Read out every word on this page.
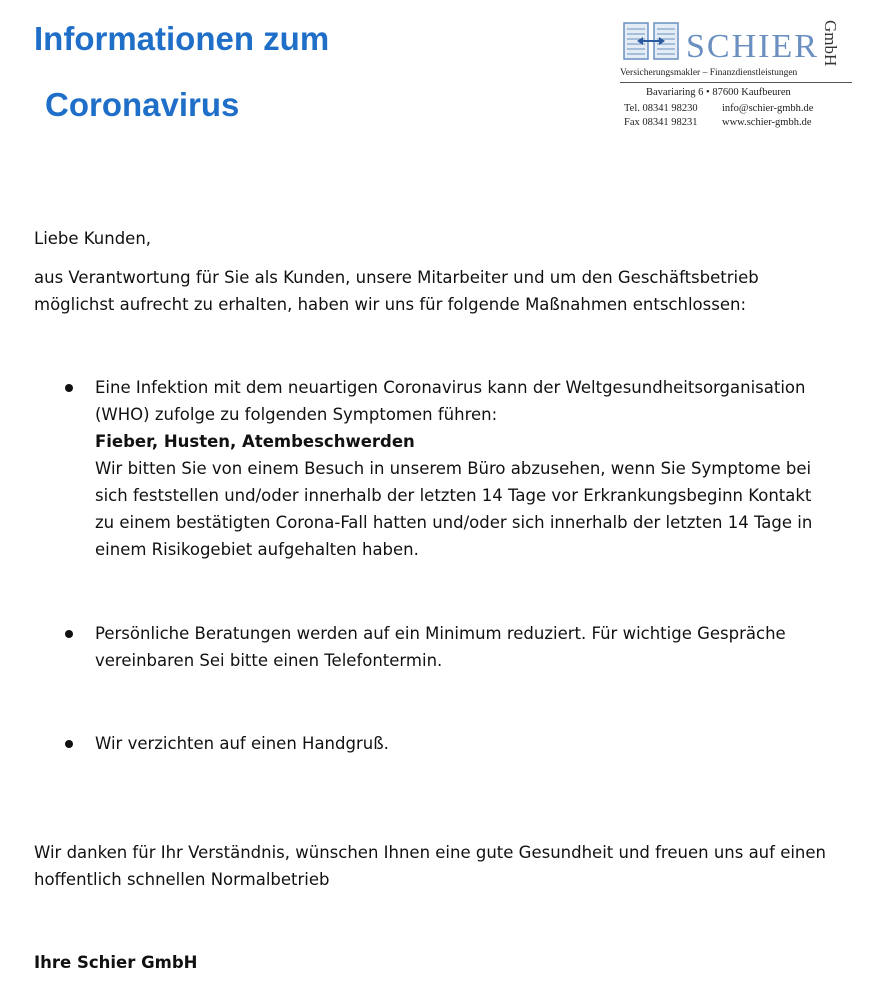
Informationen zum
Coronavirus
SCHIER GmbH
Versicherungsmakler – Finanzdienstleistungen
Bavariaring 6 • 87600 Kaufbeuren
Tel. 08341 98230 info@schier-gmbh.de
Fax 08341 98231 www.schier-gmbh.de

Liebe Kunden,

aus Verantwortung für Sie als Kunden, unsere Mitarbeiter und um den Geschäftsbetrieb möglichst aufrecht zu erhalten, haben wir uns für folgende Maßnahmen entschlossen:

Eine Infektion mit dem neuartigen Coronavirus kann der Weltgesundheitsorganisation (WHO) zufolge zu folgenden Symptomen führen:
Fieber, Husten, Atembeschwerden
Wir bitten Sie von einem Besuch in unserem Büro abzusehen, wenn Sie Symptome bei sich feststellen und/oder innerhalb der letzten 14 Tage vor Erkrankungsbeginn Kontakt zu einem bestätigten Corona-Fall hatten und/oder sich innerhalb der letzten 14 Tage in einem Risikogebiet aufgehalten haben.
Persönliche Beratungen werden auf ein Minimum reduziert. Für wichtige Gespräche vereinbaren Sei bitte einen Telefontermin.
Wir verzichten auf einen Handgruß.

Wir danken für Ihr Verständnis, wünschen Ihnen eine gute Gesundheit und freuen uns auf einen hoffentlich schnellen Normalbetrieb

Ihre Schier GmbH
